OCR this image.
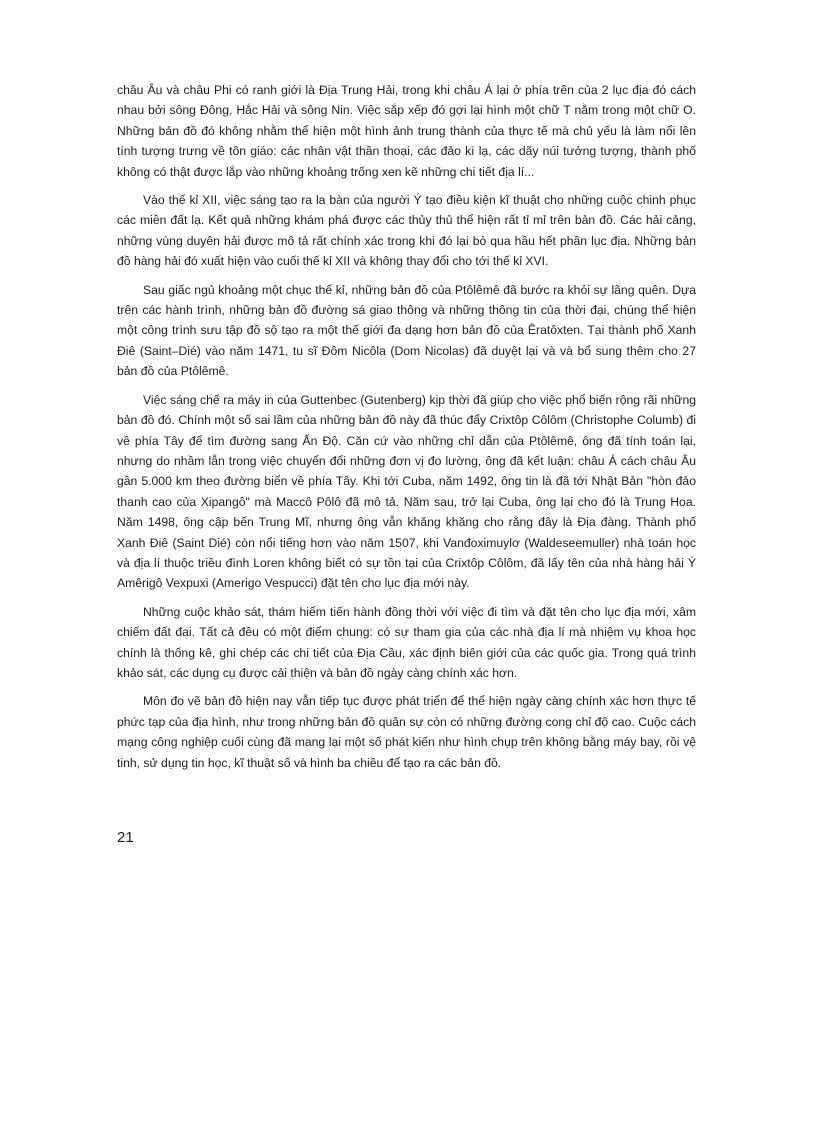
châu Âu và châu Phi có ranh giới là Địa Trung Hải, trong khi châu Á lại ở phía trên của 2 lục địa đó cách nhau bởi sông Đông, Hắc Hải và sông Nin. Việc sắp xếp đó gợi lại hình một chữ T nằm trong một chữ O. Những bản đồ đó không nhằm thể hiện một hình ảnh trung thành của thực tế mà chủ yếu là làm nổi lên tính tượng trưng về tôn giáo: các nhân vật thần thoại, các đảo kì lạ, các dãy núi tưởng tượng, thành phố không có thật được lắp vào những khoảng trống xen kẽ những chi tiết địa lí...

Vào thế kỉ XII, việc sáng tạo ra la bàn của người Ý tạo điều kiện kĩ thuật cho những cuộc chinh phục các miền đất lạ. Kết quả những khám phá được các thủy thủ thể hiện rất tỉ mỉ trên bản đồ. Các hải cảng, những vùng duyên hải được mô tả rất chính xác trong khi đó lại bỏ qua hầu hết phần lục địa. Những bản đồ hàng hải đó xuất hiện vào cuối thế kỉ XII và không thay đổi cho tới thế kỉ XVI.

Sau giấc ngủ khoảng một chục thế kỉ, những bản đồ của Ptôlêmê đã bước ra khỏi sự lãng quên. Dựa trên các hành trình, những bản đồ đường sá giao thông và những thông tin của thời đại, chúng thể hiện một công trình sưu tập đồ sộ tạo ra một thế giới đa dạng hơn bản đồ của Êratôxten. Tại thành phố Xanh Điê (Saint–Dié) vào năm 1471, tu sĩ Đôm Nicôla (Dom Nicolas) đã duyệt lại và và bổ sung thêm cho 27 bản đồ của Ptôlêmê.

Việc sáng chế ra máy in của Guttenbec (Gutenberg) kịp thời đã giúp cho việc phổ biến rộng rãi những bản đồ đó. Chính một số sai lầm của những bản đồ này đã thúc đẩy Crixtôp Côlôm (Christophe Columb) đi về phía Tây để tìm đường sang Ấn Độ. Căn cứ vào những chỉ dẫn của Ptôlêmê, ông đã tính toán lại, nhưng do nhầm lẫn trong việc chuyển đổi những đơn vị đo lường, ông đã kết luận: châu Á cách châu Âu gần 5.000 km theo đường biển về phía Tây. Khi tới Cuba, năm 1492, ông tin là đã tới Nhật Bản "hòn đảo thanh cao của Xipangô" mà Maccô Pôlô đã mô tả. Năm sau, trở lại Cuba, ông lại cho đó là Trung Hoa. Năm 1498, ông cập bến Trung Mĩ, nhưng ông vẫn khăng khăng cho rằng đây là Địa đàng. Thành phố Xanh Điê (Saint Dié) còn nổi tiếng hơn vào năm 1507, khi Vanđoximuylơ (Waldeseemuller) nhà toán học và địa lí thuộc triều đình Loren không biết có sự tồn tại của Crixtôp Côlôm, đã lấy tên của nhà hàng hải Ý Amêrigô Vexpuxi (Amerigo Vespucci) đặt tên cho lục địa mới này.

Những cuộc khảo sát, thám hiểm tiến hành đồng thời với việc đi tìm và đặt tên cho lục địa mới, xâm chiếm đất đai. Tất cả đều có một điểm chung: có sự tham gia của các nhà địa lí mà nhiệm vụ khoa học chính là thống kê, ghi chép các chi tiết của Địa Cầu, xác định biên giới của các quốc gia. Trong quá trình khảo sát, các dụng cụ được cải thiện và bản đồ ngày càng chính xác hơn.

Môn đo vẽ bản đồ hiện nay vẫn tiếp tục được phát triển để thể hiện ngày càng chính xác hơn thực tế phức tạp của địa hình, như trong những bản đồ quân sự còn có những đường cong chỉ độ cao. Cuộc cách mạng công nghiệp cuối cùng đã mang lại một số phát kiến như hình chụp trên không bằng máy bay, rồi vệ tinh, sử dụng tin học, kĩ thuật số và hình ba chiều để tạo ra các bản đồ.

21
